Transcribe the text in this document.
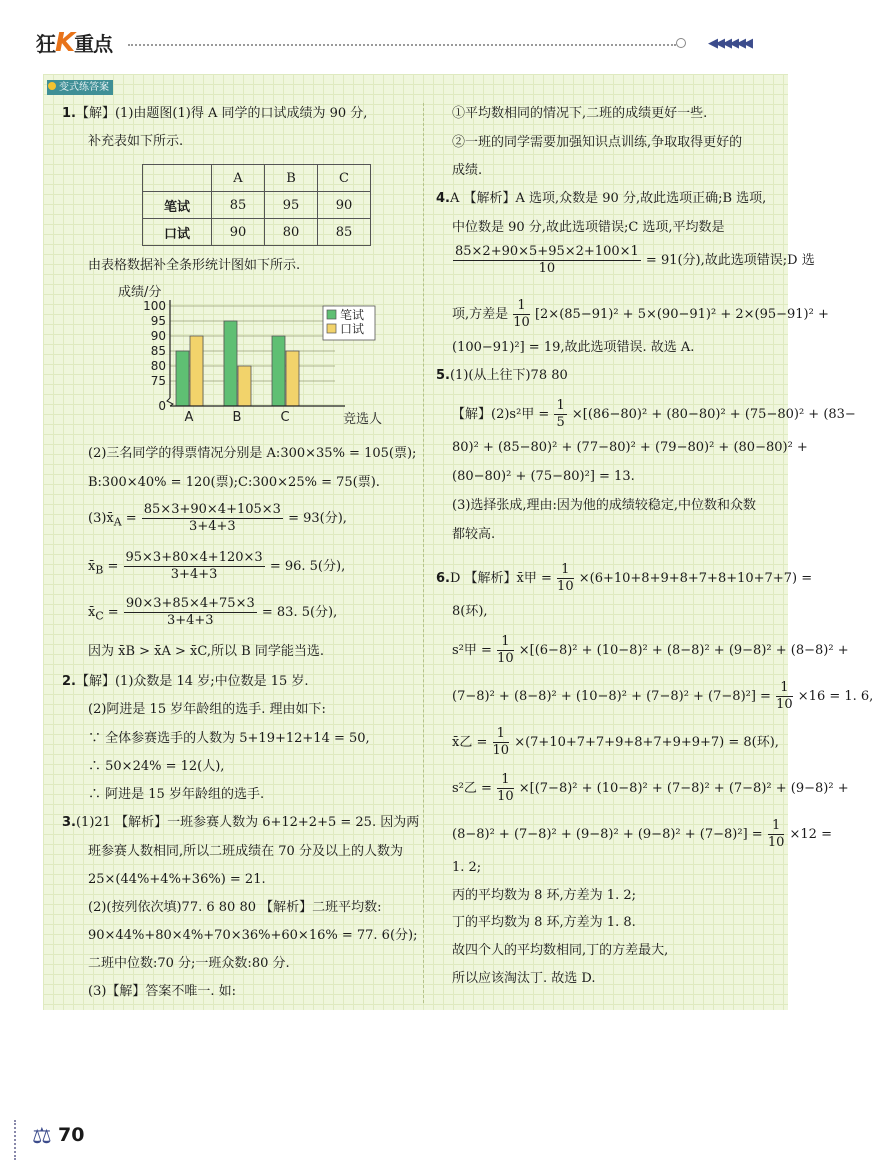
狂K重点	◀◀◀◀◀◀
变式练答案
1.【解】(1)由题图(1)得 A 同学的口试成绩为 90 分,
补充表如下所示.
	A	B	C
笔试	85	95	90
口试	90	80	85
由表格数据补全条形统计图如下所示.
0
75
80
85
90
95
100
A	B	C
笔试
口试
成绩/分
竞选人
(2)三名同学的得票情况分别是 A:300×35% = 105(票);
B:300×40% = 120(票);C:300×25% = 75(票).
$(3)x̄_A = \frac{85\times 3+90\times 4+105\times 3}{3+4+3} = 93$(分),
$x̄_B = \frac{95\times 3+80\times 4+120\times 3}{3+4+3} = 96$. 5(分),
$x̄_C = \frac{90\times 3+85\times 4+75\times 3}{3+4+3} = 83$. 5(分),
因为 x̄B > x̄A > x̄C,所以 B 同学能当选.
2.【解】(1)众数是 14 岁;中位数是 15 岁.
(2)阿进是 15 岁年龄组的选手. 理由如下:
∵ 全体参赛选手的人数为 5+19+12+14 = 50,
∴ 50×24% = 12(人),
∴ 阿进是 15 岁年龄组的选手.
3.(1)21 【解析】一班参赛人数为 6+12+2+5 = 25. 因为两
班参赛人数相同,所以二班成绩在 70 分及以上的人数为
25×(44%+4%+36%) = 21.
(2)(按列依次填)77. 6 80 80 【解析】二班平均数:
90×44%+80×4%+70×36%+60×16% = 77. 6(分);
二班中位数:70 分;一班众数:80 分.
(3)【解】答案不唯一. 如:
①平均数相同的情况下,二班的成绩更好一些.
②一班的同学需要加强知识点训练,争取取得更好的
成绩.
4.A 【解析】A 选项,众数是 90 分,故此选项正确;B 选项,
中位数是 90 分,故此选项错误;C 选项,平均数是
$\frac{85\times 2+90\times 5+95\times 2+100\times 1}{10} = 91$(分),故此选项错误;D 选
项,方差是 $\frac{1}{10} [2\times(85-91)^2 + 5\times(90-91)^2 + 2\times(95-91)^2$ +
(100−91)²] = 19,故此选项错误. 故选 A.
5.(1)(从上往下)78 80
【解】(2)s²甲 = $\frac{1}{5} \times[(86-80)^2 + (80-80)^2 + (75-80)^2 + (83-$
80)² + (85−80)² + (77−80)² + (79−80)² + (80−80)² +
(80−80)² + (75−80)²] = 13.
(3)选择张成,理由:因为他的成绩较稳定,中位数和众数
都较高.
6.D 【解析】x̄甲 = $\frac{1}{10} \times(6+10+8+9+8+7+8+10+7+7)$ =
8(环),
s²甲 = $\frac{1}{10} \times[(6-8)^2 + (10-8)^2 + (8-8)^2 + (9-8)^2 + (8-8)^2$ +
$(7-8)^2 + (8-8)^2 + (10-8)^2 + (7-8)^2 + (7-8)^2] = \frac{1}{10} \times 16 = 1$. 6,
x̄乙 = $\frac{1}{10} \times(7+10+7+7+9+8+7+9+9+7) = 8$(环),
s²乙 = $\frac{1}{10} \times[(7-8)^2 + (10-8)^2 + (7-8)^2 + (7-8)^2 + (9-8)^2$ +
$(8-8)^2 + (7-8)^2 + (9-8)^2 + (9-8)^2 + (7-8)^2] = \frac{1}{10} \times 12$ =
1. 2;
丙的平均数为 8 环,方差为 1. 2;
丁的平均数为 8 环,方差为 1. 8.
故四个人的平均数相同,丁的方差最大,
所以应该淘汰丁. 故选 D.
⚖ 70
